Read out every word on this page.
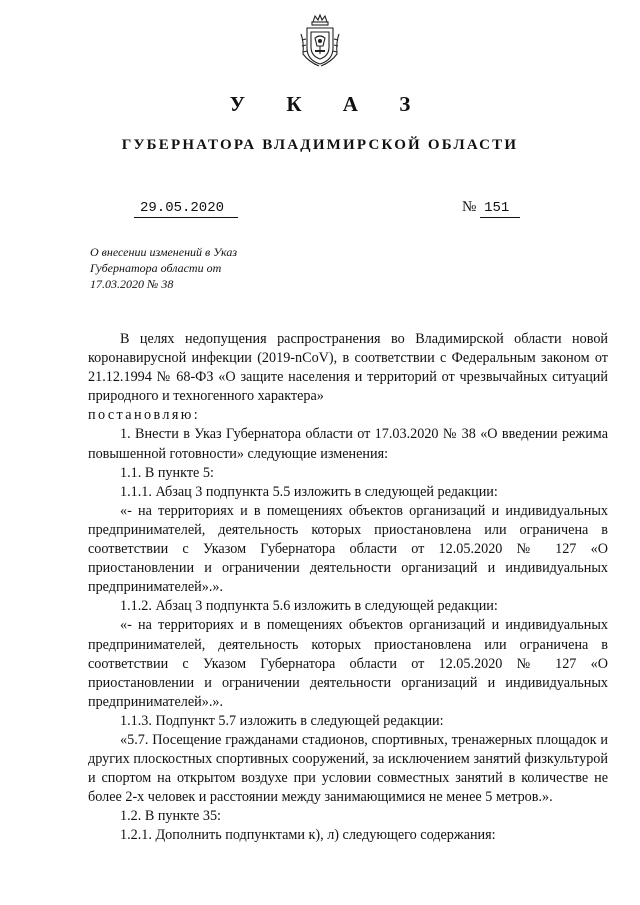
У К А З
ГУБЕРНАТОРА ВЛАДИМИРСКОЙ ОБЛАСТИ
29.05.2020	№ 151
О внесении изменений в Указ
Губернатора области от
17.03.2020 № 38

В целях недопущения распространения во Владимирской области новой коронавирусной инфекции (2019-nCoV), в соответствии с Федеральным законом от 21.12.1994 № 68-ФЗ «О защите населения и территорий от чрезвычайных ситуаций природного и техногенного характера»

постановляю:

1. Внести в Указ Губернатора области от 17.03.2020 № 38 «О введении режима повышенной готовности» следующие изменения:

1.1. В пункте 5:

1.1.1. Абзац 3 подпункта 5.5 изложить в следующей редакции:

«- на территориях и в помещениях объектов организаций и индивидуальных предпринимателей, деятельность которых приостановлена или ограничена в соответствии с Указом Губернатора области от 12.05.2020 № 127 «О приостановлении и ограничении деятельности организаций и индивидуальных предпринимателей».».

1.1.2. Абзац 3 подпункта 5.6 изложить в следующей редакции:

«- на территориях и в помещениях объектов организаций и индивидуальных предпринимателей, деятельность которых приостановлена или ограничена в соответствии с Указом Губернатора области от 12.05.2020 № 127 «О приостановлении и ограничении деятельности организаций и индивидуальных предпринимателей».».

1.1.3. Подпункт 5.7 изложить в следующей редакции:

«5.7. Посещение гражданами стадионов, спортивных, тренажерных площадок и других плоскостных спортивных сооружений, за исключением занятий физкультурой и спортом на открытом воздухе при условии совместных занятий в количестве не более 2-х человек и расстоянии между занимающимися не менее 5 метров.».

1.2. В пункте 35:

1.2.1. Дополнить подпунктами к), л) следующего содержания:
